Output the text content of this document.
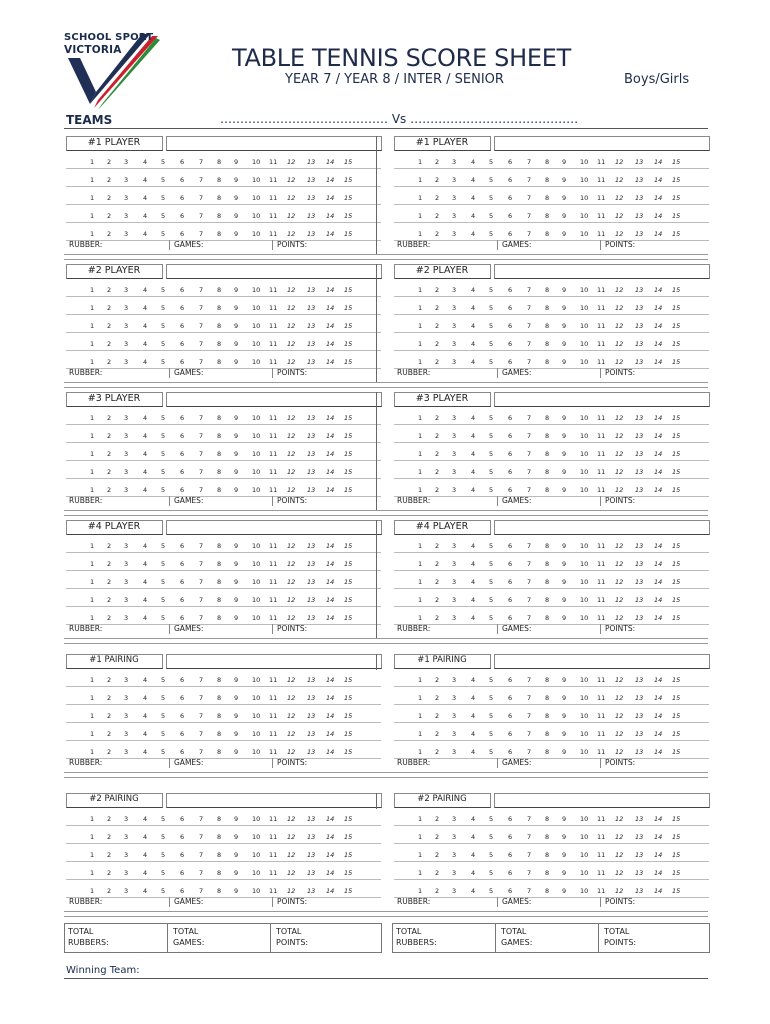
SCHOOL SPORT
VICTORIA	TABLE TENNIS SCORE SHEET
YEAR 7 / YEAR 8 / INTER / SENIOR	Boys/Girls
TEAMS	…………………………………… Vs ……………………………………
#1 PLAYER
1 2 3 4 5 6 7 8 9 10 11 12 13 14 15
1 2 3 4 5 6 7 8 9 10 11 12 13 14 15
1 2 3 4 5 6 7 8 9 10 11 12 13 14 15
1 2 3 4 5 6 7 8 9 10 11 12 13 14 15
1 2 3 4 5 6 7 8 9 10 11 12 13 14 15
RUBBER:	GAMES:	POINTS:
#1 PLAYER
1 2 3 4 5 6 7 8 9 10 11 12 13 14 15
1 2 3 4 5 6 7 8 9 10 11 12 13 14 15
1 2 3 4 5 6 7 8 9 10 11 12 13 14 15
1 2 3 4 5 6 7 8 9 10 11 12 13 14 15
1 2 3 4 5 6 7 8 9 10 11 12 13 14 15
RUBBER:	GAMES:	POINTS:
#2 PLAYER
1 2 3 4 5 6 7 8 9 10 11 12 13 14 15
1 2 3 4 5 6 7 8 9 10 11 12 13 14 15
1 2 3 4 5 6 7 8 9 10 11 12 13 14 15
1 2 3 4 5 6 7 8 9 10 11 12 13 14 15
1 2 3 4 5 6 7 8 9 10 11 12 13 14 15
RUBBER:	GAMES:	POINTS:
#2 PLAYER
1 2 3 4 5 6 7 8 9 10 11 12 13 14 15
1 2 3 4 5 6 7 8 9 10 11 12 13 14 15
1 2 3 4 5 6 7 8 9 10 11 12 13 14 15
1 2 3 4 5 6 7 8 9 10 11 12 13 14 15
1 2 3 4 5 6 7 8 9 10 11 12 13 14 15
RUBBER:	GAMES:	POINTS:
#3 PLAYER
1 2 3 4 5 6 7 8 9 10 11 12 13 14 15
1 2 3 4 5 6 7 8 9 10 11 12 13 14 15
1 2 3 4 5 6 7 8 9 10 11 12 13 14 15
1 2 3 4 5 6 7 8 9 10 11 12 13 14 15
1 2 3 4 5 6 7 8 9 10 11 12 13 14 15
RUBBER:	GAMES:	POINTS:
#3 PLAYER
1 2 3 4 5 6 7 8 9 10 11 12 13 14 15
1 2 3 4 5 6 7 8 9 10 11 12 13 14 15
1 2 3 4 5 6 7 8 9 10 11 12 13 14 15
1 2 3 4 5 6 7 8 9 10 11 12 13 14 15
1 2 3 4 5 6 7 8 9 10 11 12 13 14 15
RUBBER:	GAMES:	POINTS:
#4 PLAYER
1 2 3 4 5 6 7 8 9 10 11 12 13 14 15
1 2 3 4 5 6 7 8 9 10 11 12 13 14 15
1 2 3 4 5 6 7 8 9 10 11 12 13 14 15
1 2 3 4 5 6 7 8 9 10 11 12 13 14 15
1 2 3 4 5 6 7 8 9 10 11 12 13 14 15
RUBBER:	GAMES:	POINTS:
#4 PLAYER
1 2 3 4 5 6 7 8 9 10 11 12 13 14 15
1 2 3 4 5 6 7 8 9 10 11 12 13 14 15
1 2 3 4 5 6 7 8 9 10 11 12 13 14 15
1 2 3 4 5 6 7 8 9 10 11 12 13 14 15
1 2 3 4 5 6 7 8 9 10 11 12 13 14 15
RUBBER:	GAMES:	POINTS:
#1 PAIRING
1 2 3 4 5 6 7 8 9 10 11 12 13 14 15
1 2 3 4 5 6 7 8 9 10 11 12 13 14 15
1 2 3 4 5 6 7 8 9 10 11 12 13 14 15
1 2 3 4 5 6 7 8 9 10 11 12 13 14 15
1 2 3 4 5 6 7 8 9 10 11 12 13 14 15
RUBBER:	GAMES:	POINTS:
#1 PAIRING
1 2 3 4 5 6 7 8 9 10 11 12 13 14 15
1 2 3 4 5 6 7 8 9 10 11 12 13 14 15
1 2 3 4 5 6 7 8 9 10 11 12 13 14 15
1 2 3 4 5 6 7 8 9 10 11 12 13 14 15
1 2 3 4 5 6 7 8 9 10 11 12 13 14 15
RUBBER:	GAMES:	POINTS:
#2 PAIRING
1 2 3 4 5 6 7 8 9 10 11 12 13 14 15
1 2 3 4 5 6 7 8 9 10 11 12 13 14 15
1 2 3 4 5 6 7 8 9 10 11 12 13 14 15
1 2 3 4 5 6 7 8 9 10 11 12 13 14 15
1 2 3 4 5 6 7 8 9 10 11 12 13 14 15
RUBBER:	GAMES:	POINTS:
#2 PAIRING
1 2 3 4 5 6 7 8 9 10 11 12 13 14 15
1 2 3 4 5 6 7 8 9 10 11 12 13 14 15
1 2 3 4 5 6 7 8 9 10 11 12 13 14 15
1 2 3 4 5 6 7 8 9 10 11 12 13 14 15
1 2 3 4 5 6 7 8 9 10 11 12 13 14 15
RUBBER:	GAMES:	POINTS:
TOTAL
RUBBERS:
TOTAL
GAMES:
TOTAL
POINTS:
TOTAL
RUBBERS:
TOTAL
GAMES:
TOTAL
POINTS:
Winning Team:
